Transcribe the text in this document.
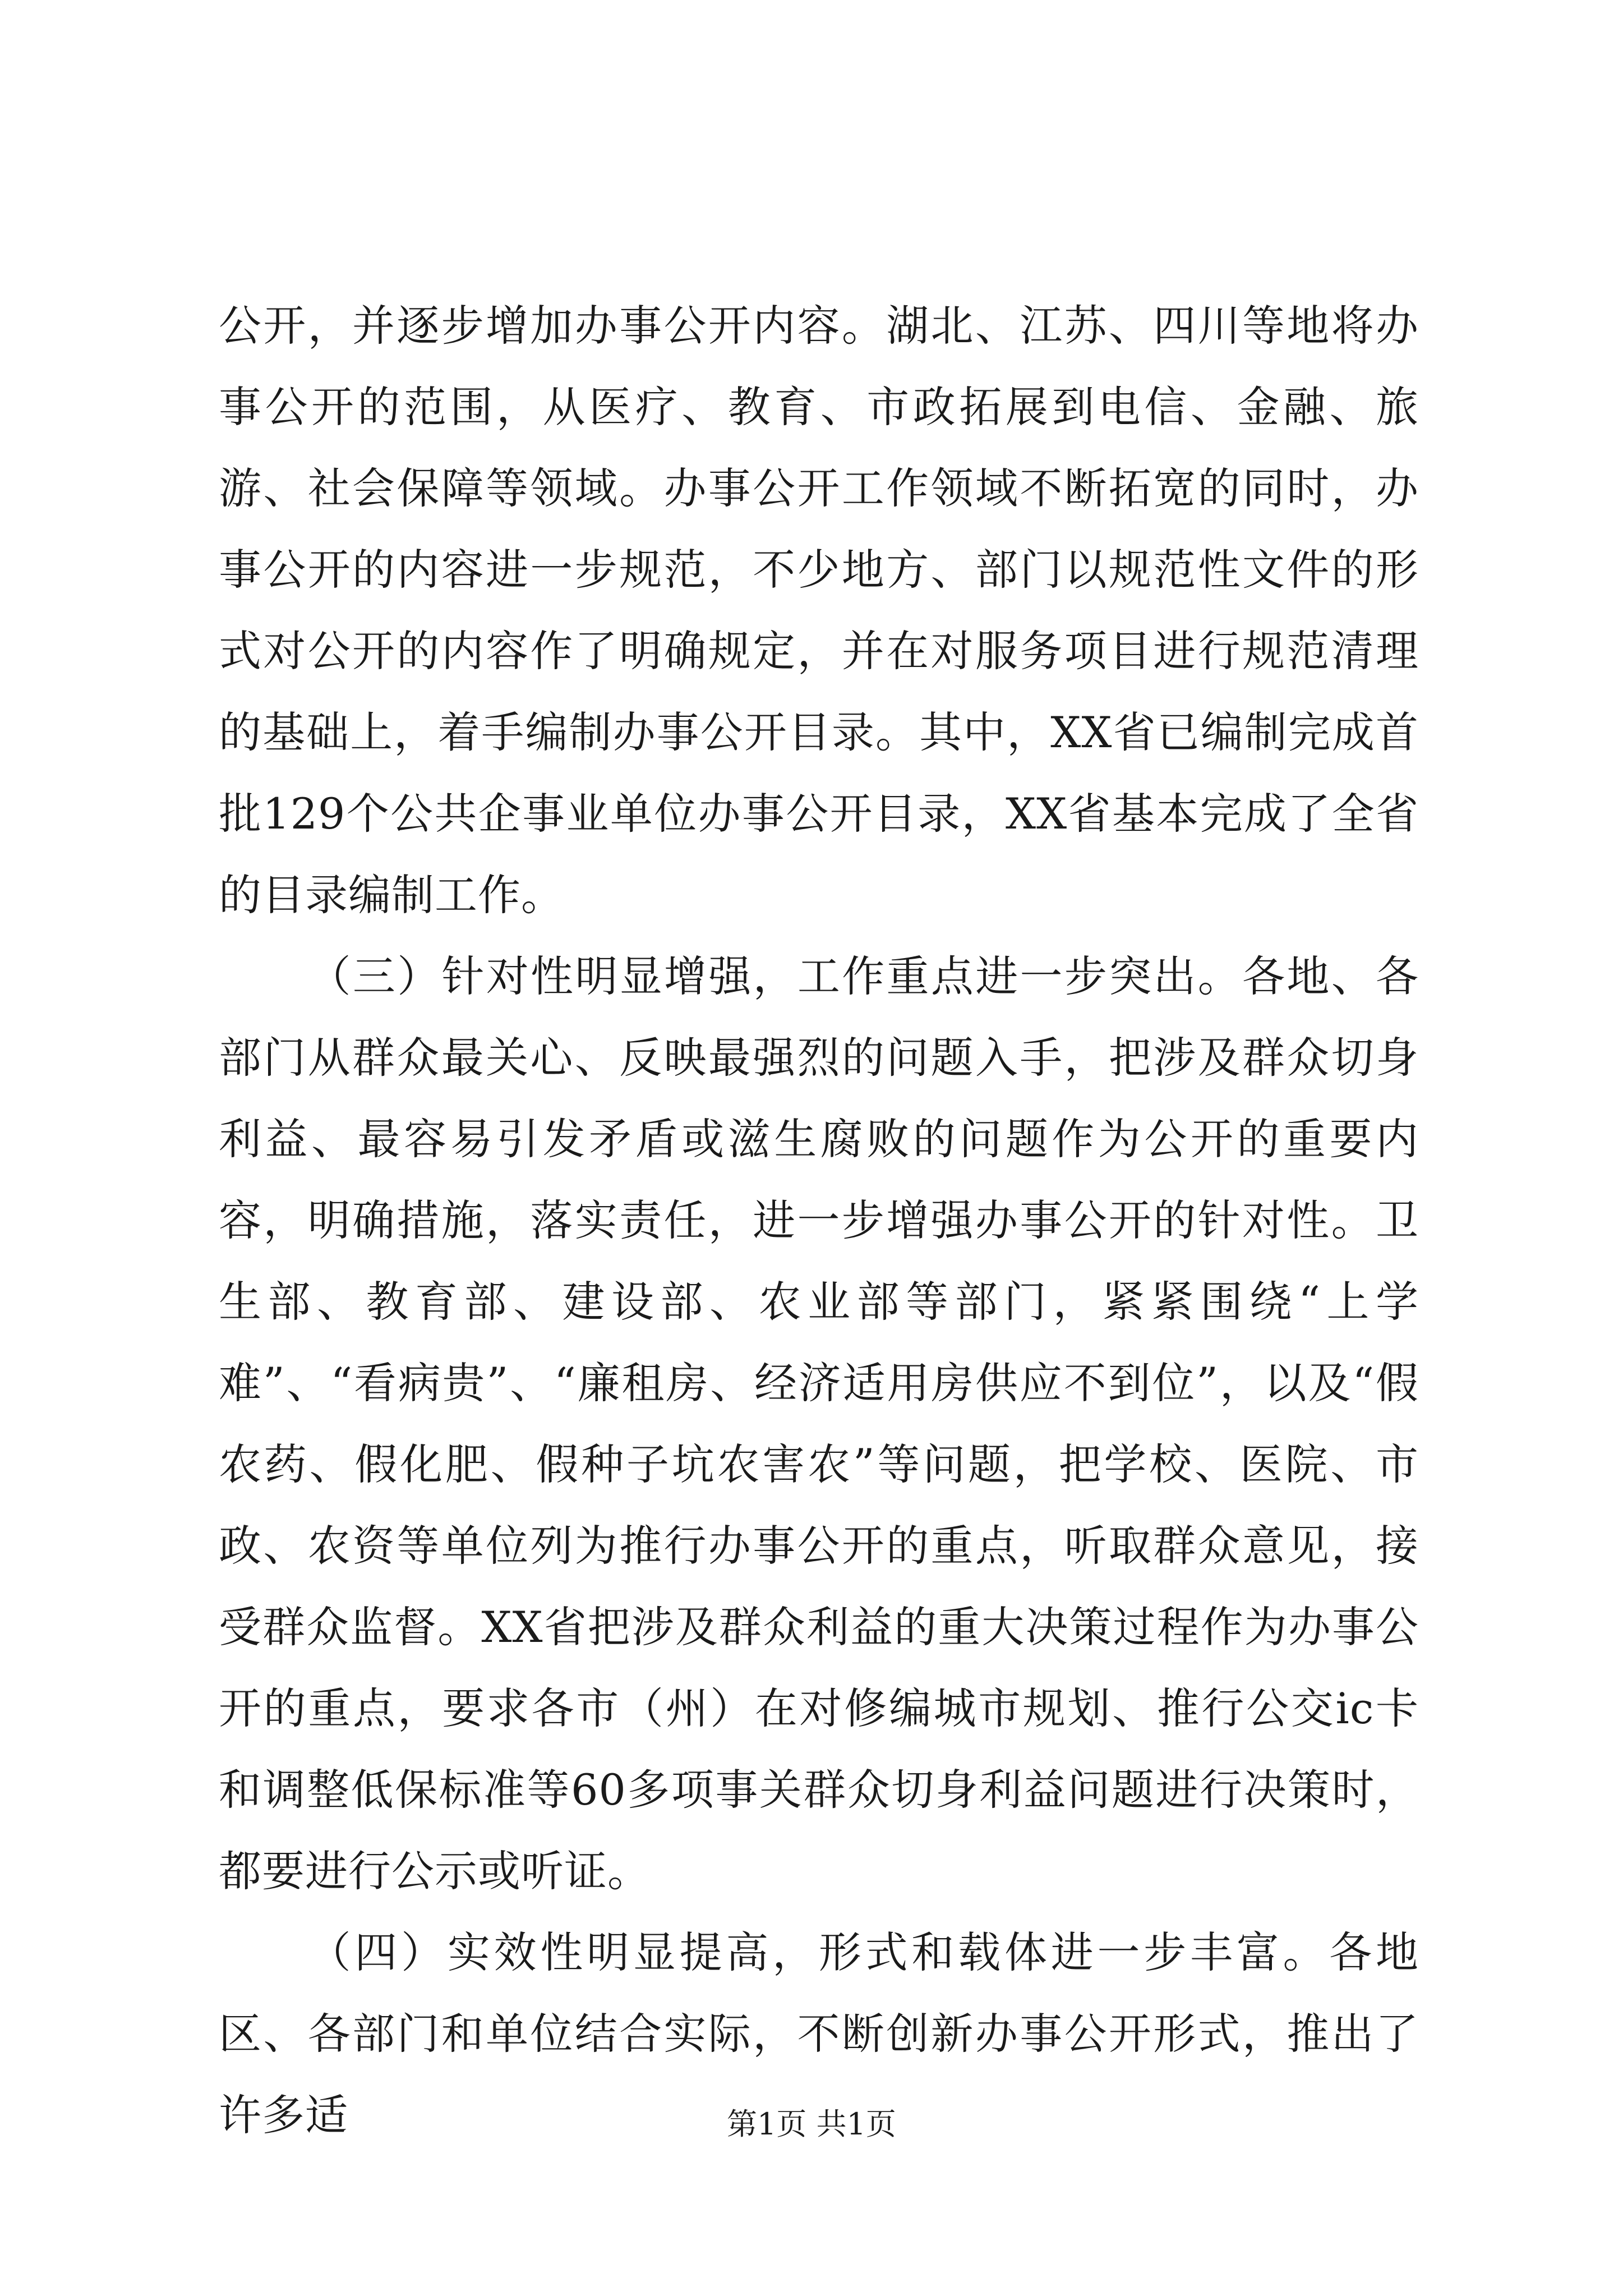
公开，并逐步增加办事公开内容。湖北、江苏、四川等地将办事公开的范围，从医疗、教育、市政拓展到电信、金融、旅游、社会保障等领域。办事公开工作领域不断拓宽的同时，办事公开的内容进一步规范，不少地方、部门以规范性文件的形式对公开的内容作了明确规定，并在对服务项目进行规范清理的基础上，着手编制办事公开目录。其中，XX省已编制完成首批129个公共企事业单位办事公开目录，XX省基本完成了全省的目录编制工作。

（三）针对性明显增强，工作重点进一步突出。各地、各部门从群众最关心、反映最强烈的问题入手，把涉及群众切身利益、最容易引发矛盾或滋生腐败的问题作为公开的重要内容，明确措施，落实责任，进一步增强办事公开的针对性。卫生部、教育部、建设部、农业部等部门，紧紧围绕“上学难”、“看病贵”、“廉租房、经济适用房供应不到位”，以及“假农药、假化肥、假种子坑农害农”等问题，把学校、医院、市政、农资等单位列为推行办事公开的重点，听取群众意见，接受群众监督。XX省把涉及群众利益的重大决策过程作为办事公开的重点，要求各市（州）在对修编城市规划、推行公交ic卡和调整低保标准等60多项事关群众切身利益问题进行决策时，都要进行公示或听证。

（四）实效性明显提高，形式和载体进一步丰富。各地区、各部门和单位结合实际，不断创新办事公开形式，推出了许多适	第1页 共1页
